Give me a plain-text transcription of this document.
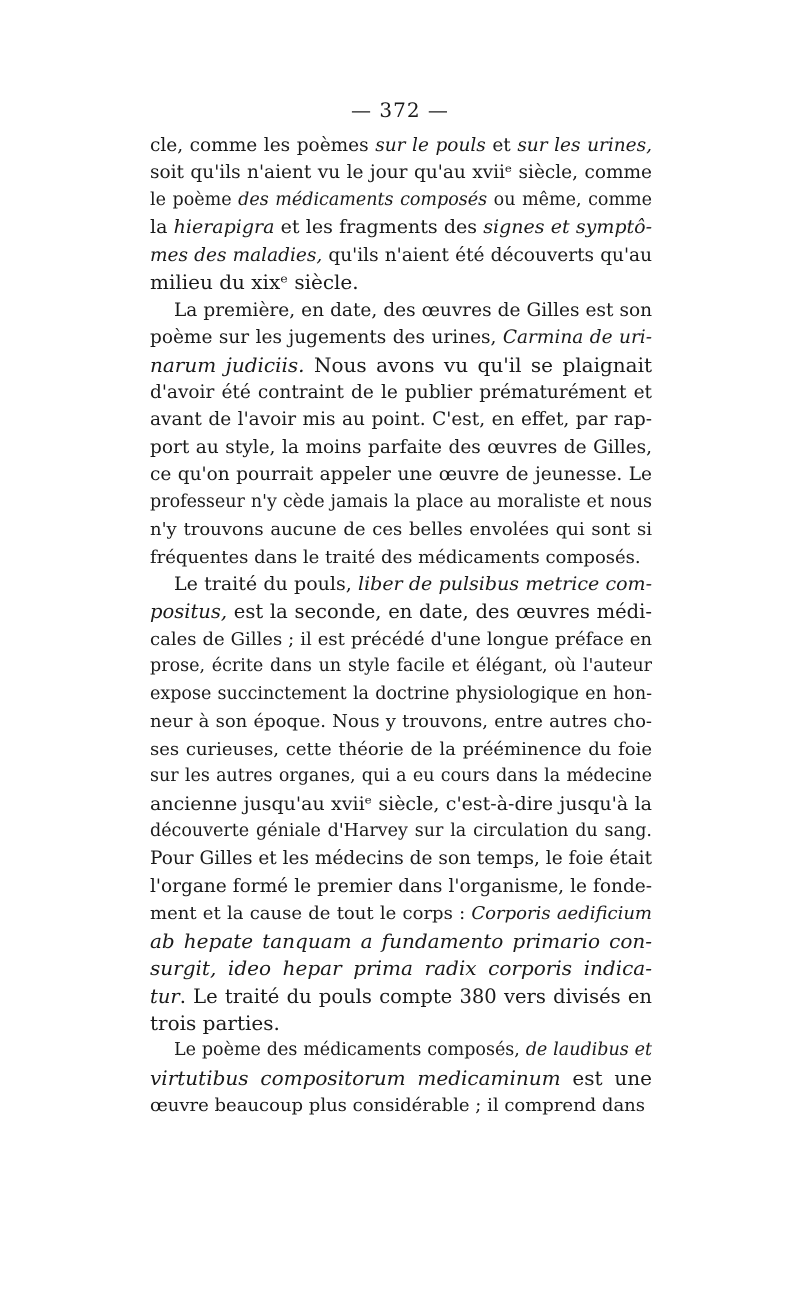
— 372 —
cle, comme les poèmes sur le pouls et sur les urines,
soit qu'ils n'aient vu le jour qu'au xviiᵉ siècle, comme
le poème des médicaments composés ou même, comme
la hierapigra et les fragments des signes et symptô-
mes des maladies, qu'ils n'aient été découverts qu'au
milieu du xixᵉ siècle.
La première, en date, des œuvres de Gilles est son
poème sur les jugements des urines, Carmina de uri-
narum judiciis. Nous avons vu qu'il se plaignait
d'avoir été contraint de le publier prématurément et
avant de l'avoir mis au point. C'est, en effet, par rap-
port au style, la moins parfaite des œuvres de Gilles,
ce qu'on pourrait appeler une œuvre de jeunesse. Le
professeur n'y cède jamais la place au moraliste et nous
n'y trouvons aucune de ces belles envolées qui sont si
fréquentes dans le traité des médicaments composés.
Le traité du pouls, liber de pulsibus metrice com-
positus, est la seconde, en date, des œuvres médi-
cales de Gilles ; il est précédé d'une longue préface en
prose, écrite dans un style facile et élégant, où l'auteur
expose succinctement la doctrine physiologique en hon-
neur à son époque. Nous y trouvons, entre autres cho-
ses curieuses, cette théorie de la prééminence du foie
sur les autres organes, qui a eu cours dans la médecine
ancienne jusqu'au xviiᵉ siècle, c'est-à-dire jusqu'à la
découverte géniale d'Harvey sur la circulation du sang.
Pour Gilles et les médecins de son temps, le foie était
l'organe formé le premier dans l'organisme, le fonde-
ment et la cause de tout le corps : Corporis aedificium
ab hepate tanquam a fundamento primario con-
surgit, ideo hepar prima radix corporis indica-
tur. Le traité du pouls compte 380 vers divisés en
trois parties.
Le poème des médicaments composés, de laudibus et
virtutibus compositorum medicaminum est une
œuvre beaucoup plus considérable ; il comprend dans
